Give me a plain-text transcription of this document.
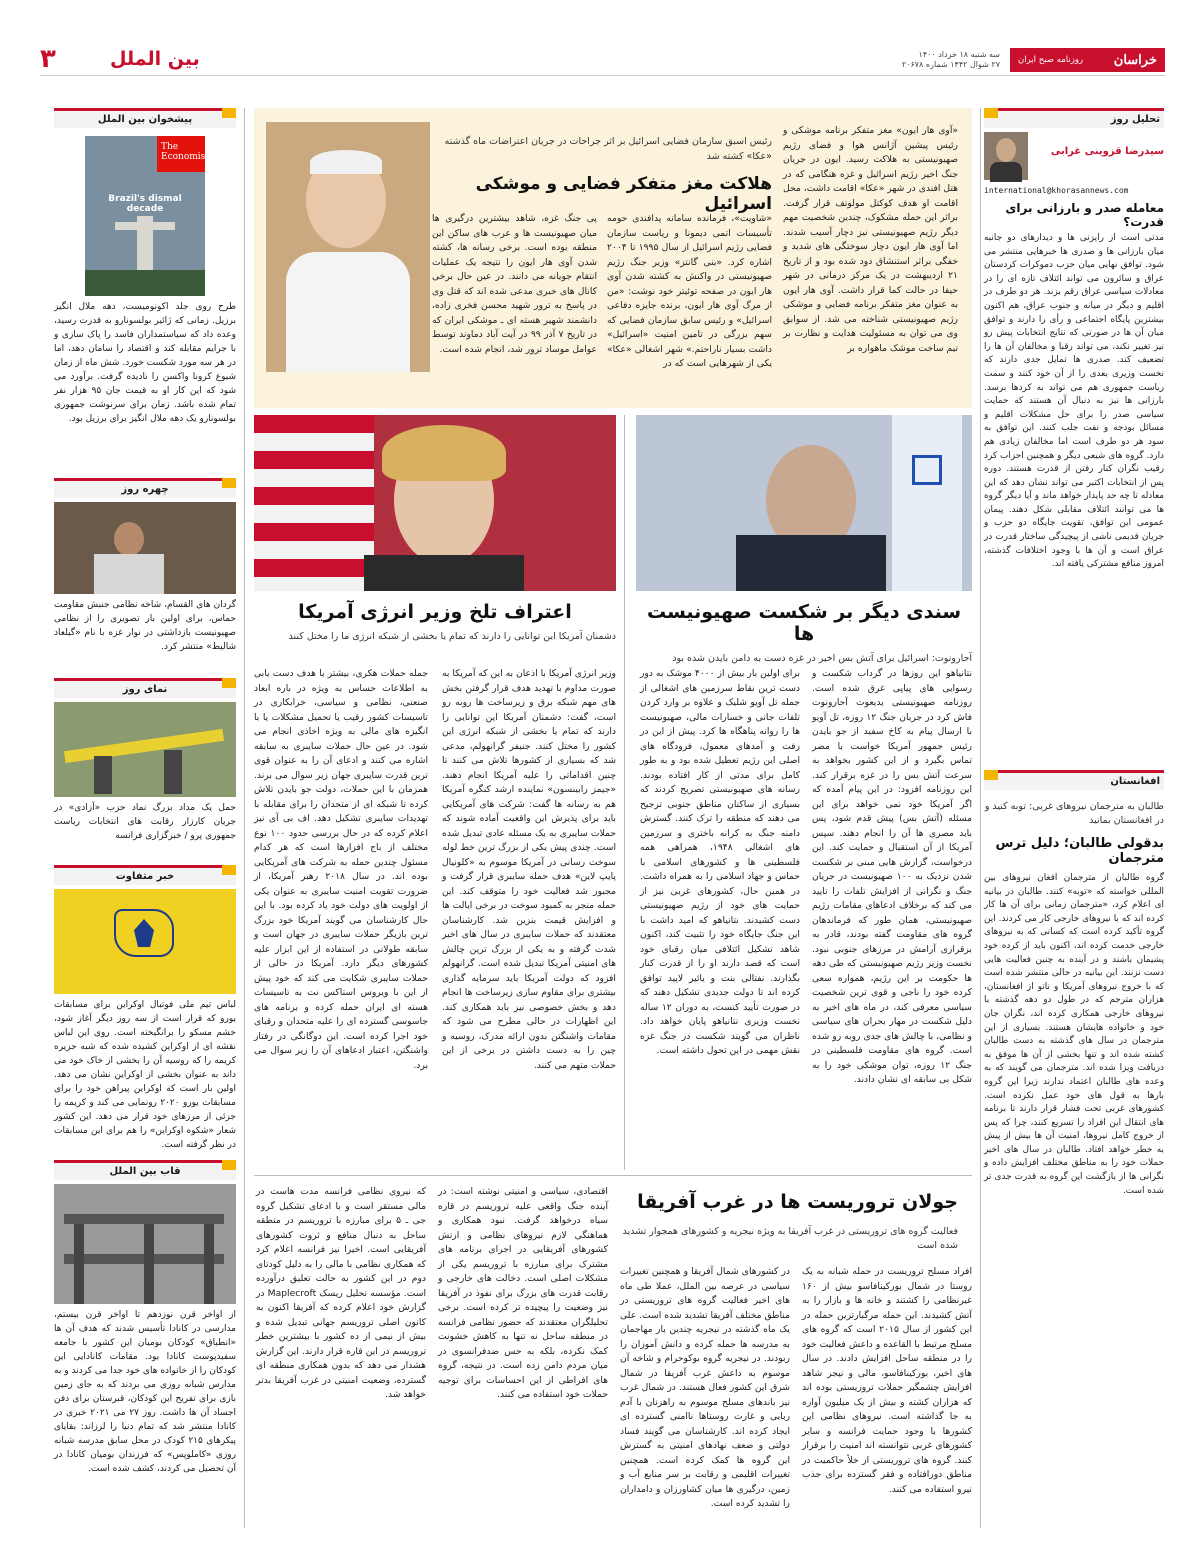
خراسان
روزنامه صبح ایران
سه شنبه ۱۸ خرداد ۱۴۰۰
۲۷ شوال ۱۴۴۲ شماره ۲۰۶۷۸
بین الملل
۳
تحلیل روز
سیدرضا قزوینی غرابی
international@khorasannews.com
معامله صدر و بارزانی برای قدرت؟
مدتی است از رایزنی ها و دیدارهای دو جانبه میان بارزانی ها و صدری ها خبرهایی منتشر می شود. توافق نهایی میان حزب دموکرات کردستان عراق و سائرون می تواند ائتلاف تازه ای را در معادلات سیاسی عراق رقم بزند. هر دو طرف در اقلیم و دیگر در میانه و جنوب عراق، هم اکنون بیشترین پایگاه اجتماعی و رأی را دارند و توافق میان آن ها در صورتی که نتایج انتخابات پیش رو نیز تغییر نکند، می تواند رقبا و مخالفان آن ها را تضعیف کند. صدری ها تمایل جدی دارند که نخست وزیری بعدی را از آن خود کنند و سمت ریاست جمهوری هم می تواند به کردها برسد. بارزانی ها نیز به دنبال آن هستند که حمایت سیاسی صدر را برای حل مشکلات اقلیم و مسائل بودجه و نفت جلب کنند. این توافق به سود هر دو طرف است اما مخالفان زیادی هم دارد. گروه های شیعی دیگر و همچنین احزاب کرد رقیب نگران کنار رفتن از قدرت هستند. دوره پس از انتخابات اکتبر می تواند نشان دهد که این معادله تا چه حد پایدار خواهد ماند و آیا دیگر گروه ها می توانند ائتلاف مقابلی شکل دهند. پیمان عمومی این توافق، تقویت جایگاه دو حزب و جریان قدیمی ناشی از پیچیدگی ساختار قدرت در عراق است و آن ها با وجود اختلافات گذشته، امروز منافع مشترکی یافته اند.
افغانستان
طالبان به مترجمان نیروهای غربی: توبه کنید و در افغانستان بمانید
بدقولی طالبان؛ دلیل ترس مترجمان
گروه طالبان از مترجمان افغان نیروهای بین المللی خواسته که «توبه» کنند. طالبان در بیانیه ای اعلام کرد، «مترجمان زمانی برای آن ها کار کرده اند که با نیروهای خارجی کار می کردند. این گروه تأکید کرده است که کسانی که به نیروهای خارجی خدمت کرده اند، اکنون باید از کرده خود پشیمان باشند و در آینده به چنین فعالیت هایی دست نزنند. این بیانیه در حالی منتشر شده است که با خروج نیروهای آمریکا و ناتو از افغانستان، هزاران مترجم که در طول دو دهه گذشته با نیروهای خارجی همکاری کرده اند، نگران جان خود و خانواده هایشان هستند. بسیاری از این مترجمان در سال های گذشته به دست طالبان کشته شده اند و تنها بخشی از آن ها موفق به دریافت ویزا شده اند. مترجمان می گویند که به وعده های طالبان اعتماد ندارند زیرا این گروه بارها به قول های خود عمل نکرده است. کشورهای غربی تحت فشار قرار دارند تا برنامه های انتقال این افراد را تسریع کنند، چرا که پس از خروج کامل نیروها، امنیت آن ها بیش از پیش به خطر خواهد افتاد. طالبان در سال های اخیر حملات خود را به مناطق مختلف افزایش داده و نگرانی ها از بازگشت این گروه به قدرت جدی تر شده است.
پیشخوان بین الملل
The Economist
Brazil's dismal decade
طرح روی جلد اکونومیست، دهه ملال انگیز برزیل. زمانی که ژائیر بولسونارو به قدرت رسید، وعده داد که سیاستمداران فاسد را پاک سازی و با جرایم مقابله کند و اقتصاد را سامان دهد، اما در هر سه مورد شکست خورد. شش ماه از زمان شیوع کرونا واکسن را نادیده گرفت. برآورد می شود که این کار او به قیمت جان ۹۵ هزار نفر تمام شده باشد. زمان برای سرنوشت جمهوری بولسونارو یک دهه ملال انگیز برای برزیل بود.
چهره روز
گردان های القسام، شاخه نظامی جنبش مقاومت حماس، برای اولین بار تصویری را از نظامی صهیونیست بازداشتی در نوار غزه با نام «گیلعاد شالیط» منتشر کرد.
نمای روز
حمل یک مداد بزرگ نماد حزب «آزادی» در جریان کارزار رقابت های انتخابات ریاست جمهوری پرو / خبرگزاری فرانسه
خبر متفاوت
لباس تیم ملی فوتبال اوکراین برای مسابقات یورو که قرار است از سه روز دیگر آغاز شود، خشم مسکو را برانگیخته است. روی این لباس نقشه ای از اوکراین کشیده شده که شبه جزیره کریمه را که روسیه آن را بخشی از خاک خود می داند به عنوان بخشی از اوکراین نشان می دهد. اولین بار است که اوکراین پیراهن خود را برای مسابقات یورو ۲۰۲۰ رونمایی می کند و کریمه را جزئی از مرزهای خود قرار می دهد. این کشور شعار «شکوه اوکراین» را هم برای این مسابقات در نظر گرفته است.
قاب بین الملل
از اواخر قرن نوزدهم تا اواخر قرن بیستم، مدارسی در کانادا تأسیس شدند که هدف آن ها «انطباق» کودکان بومیان این کشور با جامعه سفیدپوست کانادا بود. مقامات کانادایی این کودکان را از خانواده های خود جدا می کردند و به مدارس شبانه روزی می بردند که به جای زمین بازی برای تفریح این کودکان، قبرستان برای دفن اجساد آن ها داشت. روز ۲۷ می ۲۰۲۱ خبری در کانادا منتشر شد که تمام دنیا را لرزاند: بقایای پیکرهای ۲۱۵ کودک در محل سابق مدرسه شبانه روزی «کاملوپس» که فرزندان بومیان کانادا در آن تحصیل می کردند، کشف شده است.
«آوی هار ایون» مغز متفکر برنامه موشکی و رئیس پیشین آژانس هوا و فضای رژیم صهیونیستی به هلاکت رسید. ایون در جریان جنگ اخیر رژیم اسرائیل و غزه هنگامی که در هتل افندی در شهر «عکا» اقامت داشت، محل اقامت او هدف کوکتل مولوتف قرار گرفت. براثر این حمله مشکوک، چندین شخصیت مهم دیگر رژیم صهیونیستی نیز دچار آسیب شدند. اما آوی هار ایون دچار سوختگی های شدید و خفگی براثر استنشاق دود شده بود و از تاریخ ۲۱ اردیبهشت در یک مرکز درمانی در شهر حیفا در حالت کما قرار داشت. آوی هار ایون به عنوان مغز متفکر برنامه فضایی و موشکی رژیم صهیونیستی شناخته می شد. از سوابق وی می توان به مسئولیت هدایت و نظارت بر تیم ساخت موشک ماهواره بر
رئیس اسبق سازمان فضایی اسرائیل بر اثر جراحات در جریان اعتراضات ماه گذشته «عکا» کشته شد
هلاکت مغز متفکر فضایی و موشکی اسرائیل
«شاویت»، فرمانده سامانه پدافندی حومه تأسیسات اتمی دیمونا و ریاست سازمان فضایی رژیم اسرائیل از سال ۱۹۹۵ تا ۲۰۰۴ اشاره کرد. «بنی گانتز» وزیر جنگ رژیم صهیونیستی در واکنش به کشته شدن آوی هار ایون در صفحه توئیتر خود نوشت: «من از مرگ آوی هار ایون، برنده جایزه دفاعی اسرائیل» و رئیس سابق سازمان فضایی که سهم بزرگی در تامین امنیت «اسرائیل» داشت بسیار ناراحتم.» شهر اشغالی «عکا» یکی از شهرهایی است که در
پی جنگ غزه، شاهد بیشترین درگیری ها میان صهیونیست ها و عرب های ساکن این منطقه بوده است. برخی رسانه ها، کشته شدن آوی هار ایون را نتیجه یک عملیات انتقام جویانه می دانند. در عین حال برخی کانال های خبری مدعی شده اند که قتل وی در پاسخ به ترور شهید محسن فخری زاده، دانشمند شهیر هسته ای ـ موشکی ایران که در تاریخ ۷ آذر ۹۹ در آیت آباد دماوند توسط عوامل موساد ترور شد، انجام شده است.
سندی دیگر بر شکست صهیونیست ها
آحارونوت: اسرائیل برای آتش بس اخیر در غزه دست به دامن بایدن شده بود
نتانیاهو این روزها در گرداب شکست و رسوایی های پیاپی غرق شده است. روزنامه صهیونیستی یدیعوت آحارونوت فاش کرد در جریان جنگ ۱۲ روزه، تل آویو با ارسال پیام به کاخ سفید از جو بایدن رئیس جمهور آمریکا خواست با مصر تماس بگیرد و از این کشور بخواهد به سرعت آتش بس را در غزه برقرار کند. این روزنامه افزود: در این پیام آمده که اگر آمریکا خود نمی خواهد برای این مسئله (آتش بس) پیش قدم شود، پس باید مصری ها آن را انجام دهند. سپس آمریکا از آن استقبال و حمایت کند. این درخواست، گزارش هایی مبنی بر شکست شدن نزدیک به ۱۰۰ صهیونیست در جریان جنگ و نگرانی از افزایش تلفات را تایید می کند که برخلاف ادعاهای مقامات رژیم صهیونیستی، همان طور که فرماندهان گروه های مقاومت گفته بودند، قادر به برقراری آرامش در مرزهای جنوبی نبود. نخست وزیر رژیم صهیونیستی که طی دهه ها حکومت بر این رژیم، همواره سعی کرده خود را ناجی و قوی ترین شخصیت سیاسی معرفی کند، در ماه های اخیر به دلیل شکست در مهار بحران های سیاسی و نظامی، با چالش های جدی روبه رو شده است. گروه های مقاومت فلسطینی در جنگ ۱۲ روزه، توان موشکی خود را به شکل بی سابقه ای نشان دادند.
برای اولین بار بیش از ۴۰۰۰ موشک به دور دست ترین نقاط سرزمین های اشغالی از جمله تل آویو شلیک و علاوه بر وارد کردن تلفات جانی و خسارات مالی، صهیونیست ها را روانه پناهگاه ها کرد. پیش از این در رفت و آمدهای معمول، فرودگاه های اصلی این رژیم تعطیل شده بود و به طور کامل برای مدتی از کار افتاده بودند. رسانه های صهیونیستی تصریح کردند که بسیاری از ساکنان مناطق جنوبی ترجیح می دهند که منطقه را ترک کنند. گسترش دامنه جنگ به کرانه باختری و سرزمین های اشغالی ۱۹۴۸، همراهی همه فلسطینی ها و کشورهای اسلامی با حماس و جهاد اسلامی را به همراه داشت. در همین حال، کشورهای غربی نیز از حمایت های خود از رژیم صهیونیستی دست کشیدند. نتانیاهو که امید داشت با این جنگ جایگاه خود را تثبیت کند، اکنون شاهد تشکیل ائتلافی میان رقبای خود است که قصد دارند او را از قدرت کنار بگذارند. نفتالی بنت و یائیر لاپید توافق کرده اند تا دولت جدیدی تشکیل دهند که در صورت تأیید کنست، به دوران ۱۲ ساله نخست وزیری نتانیاهو پایان خواهد داد. ناظران می گویند شکست در جنگ غزه نقش مهمی در این تحول داشته است.
اعتراف تلخ وزیر انرژی آمریکا
دشمنان آمریکا این توانایی را دارند که تمام یا بخشی از شبکه انرژی ما را مختل کنند
وزیر انرژی آمریکا با اذعان به این که آمریکا به صورت مداوم با تهدید هدف قرار گرفتن بخش های مهم شبکه برق و زیرساخت ها روبه رو است، گفت: دشمنان آمریکا این توانایی را دارند که تمام یا بخشی از شبکه انرژی این کشور را مختل کنند. جنیفر گرانهولم، مدعی شد که بسیاری از کشورها تلاش می کنند تا چنین اقداماتی را علیه آمریکا انجام دهند. «جیمز رابینسون» نماینده ارشد کنگره آمریکا هم به رسانه ها گفت: شرکت های آمریکایی باید برای پذیرش این واقعیت آماده شوند که حملات سایبری به یک مسئله عادی تبدیل شده است. چندی پیش یکی از بزرگ ترین خط لوله سوخت رسانی در آمریکا موسوم به «کلونیال پایپ لاین» هدف حمله سایبری قرار گرفت و مجبور شد فعالیت خود را متوقف کند. این حمله منجر به کمبود سوخت در برخی ایالت ها و افزایش قیمت بنزین شد. کارشناسان معتقدند که حملات سایبری در سال های اخیر شدت گرفته و به یکی از بزرگ ترین چالش های امنیتی آمریکا تبدیل شده است. گرانهولم افزود که دولت آمریکا باید سرمایه گذاری بیشتری برای مقاوم سازی زیرساخت ها انجام دهد و بخش خصوصی نیز باید همکاری کند. این اظهارات در حالی مطرح می شود که مقامات واشنگتن بدون ارائه مدرک، روسیه و چین را به دست داشتن در برخی از این حملات متهم می کنند.
جمله حملات هکری، بیشتر با هدف دست یابی به اطلاعات حساس به ویژه در باره ابعاد صنعتی، نظامی و سیاسی، خرابکاری در تاسیسات کشور رقیب یا تحمیل مشکلات یا با انگیزه های مالی به ویژه اخاذی انجام می شود. در عین حال حملات سایبری به سابقه اشاره می کنند و ادعای آن را به عنوان قوی ترین قدرت سایبری جهان زیر سوال می برند. همزمان با این حملات، دولت جو بایدن تلاش کرده تا شبکه ای از متحدان را برای مقابله با تهدیدات سایبری تشکیل دهد. اف بی آی نیز اعلام کرده که در حال بررسی حدود ۱۰۰ نوع مختلف از باج افزارها است که هر کدام مسئول چندین حمله به شرکت های آمریکایی بوده اند. در سال ۲۰۱۸ رهبر آمریکا، از ضرورت تقویت امنیت سایبری به عنوان یکی از اولویت های دولت خود یاد کرده بود. با این حال کارشناسان می گویند آمریکا خود بزرگ ترین بازیگر حملات سایبری در جهان است و سابقه طولانی در استفاده از این ابزار علیه کشورهای دیگر دارد. آمریکا در حالی از حملات سایبری شکایت می کند که خود پیش از این با ویروس استاکس نت به تاسیسات هسته ای ایران حمله کرده و برنامه های جاسوسی گسترده ای را علیه متحدان و رقبای خود اجرا کرده است. این دوگانگی در رفتار واشنگتن، اعتبار ادعاهای آن را زیر سوال می برد.
جولان تروریست ها در غرب آفریقا
فعالیت گروه های تروریستی در غرب آفریقا به ویژه نیجریه و کشورهای همجوار تشدید شده است
افراد مسلح تروریست در حمله شبانه به یک روستا در شمال بورکینافاسو بیش از ۱۶۰ غیرنظامی را کشتند و خانه ها و بازار را به آتش کشیدند. این حمله مرگبارترین حمله در این کشور از سال ۲۰۱۵ است که گروه های مسلح مرتبط با القاعده و داعش فعالیت خود را در منطقه ساحل افزایش دادند. در سال های اخیر، بورکینافاسو، مالی و نیجر شاهد افزایش چشمگیر حملات تروریستی بوده اند که هزاران کشته و بیش از یک میلیون آواره به جا گذاشته است. نیروهای نظامی این کشورها با وجود حمایت فرانسه و سایر کشورهای غربی نتوانسته اند امنیت را برقرار کنند. گروه های تروریستی از خلأ حاکمیت در مناطق دورافتاده و فقر گسترده برای جذب نیرو استفاده می کنند.
در کشورهای شمال آفریقا و همچنین تغییرات سیاسی در عرصه بین الملل، عملا طی ماه های اخیر فعالیت گروه های تروریستی در مناطق مختلف آفریقا تشدید شده است. علی یک ماه گذشته در نیجریه چندین بار مهاجمان به مدرسه ها حمله کرده و دانش آموزان را ربودند. در نیجریه گروه بوکوحرام و شاخه آن موسوم به داعش غرب آفریقا در شمال شرق این کشور فعال هستند. در شمال غرب نیز باندهای مسلح موسوم به راهزنان با آدم ربایی و غارت روستاها ناامنی گسترده ای ایجاد کرده اند. کارشناسان می گویند فساد دولتی و ضعف نهادهای امنیتی به گسترش این گروه ها کمک کرده است. همچنین تغییرات اقلیمی و رقابت بر سر منابع آب و زمین، درگیری ها میان کشاورزان و دامداران را تشدید کرده است.
اقتصادی، سیاسی و امنیتی نوشته است: در آینده جنگ واقعی علیه تروریسم در قاره سیاه درخواهد گرفت. نبود همکاری و هماهنگی لازم نیروهای نظامی و ارتش کشورهای آفریقایی در اجرای برنامه های مشترک برای مبارزه با تروریسم یکی از مشکلات اصلی است. دخالت های خارجی و رقابت قدرت های بزرگ برای نفوذ در آفریقا نیز وضعیت را پیچیده تر کرده است. برخی تحلیلگران معتقدند که حضور نظامی فرانسه در منطقه ساحل نه تنها به کاهش خشونت کمک نکرده، بلکه به حس ضدفرانسوی در میان مردم دامن زده است. در نتیجه، گروه های افراطی از این احساسات برای توجیه حملات خود استفاده می کنند.
که نیروی نظامی فرانسه مدت هاست در مالی مستقر است و با ادعای تشکیل گروه جی ـ ۵ برای مبارزه با تروریسم در منطقه ساحل به دنبال منافع و ثروت کشورهای آفریقایی است. اخیرا نیز فرانسه اعلام کرد که همکاری نظامی با مالی را به دلیل کودتای دوم در این کشور به حالت تعلیق درآورده است. مؤسسه تحلیل ریسک Maplecroft در گزارش خود اعلام کرده که آفریقا اکنون به کانون اصلی تروریسم جهانی تبدیل شده و بیش از نیمی از ده کشور با بیشترین خطر تروریسم در این قاره قرار دارند. این گزارش هشدار می دهد که بدون همکاری منطقه ای گسترده، وضعیت امنیتی در غرب آفریقا بدتر خواهد شد.
